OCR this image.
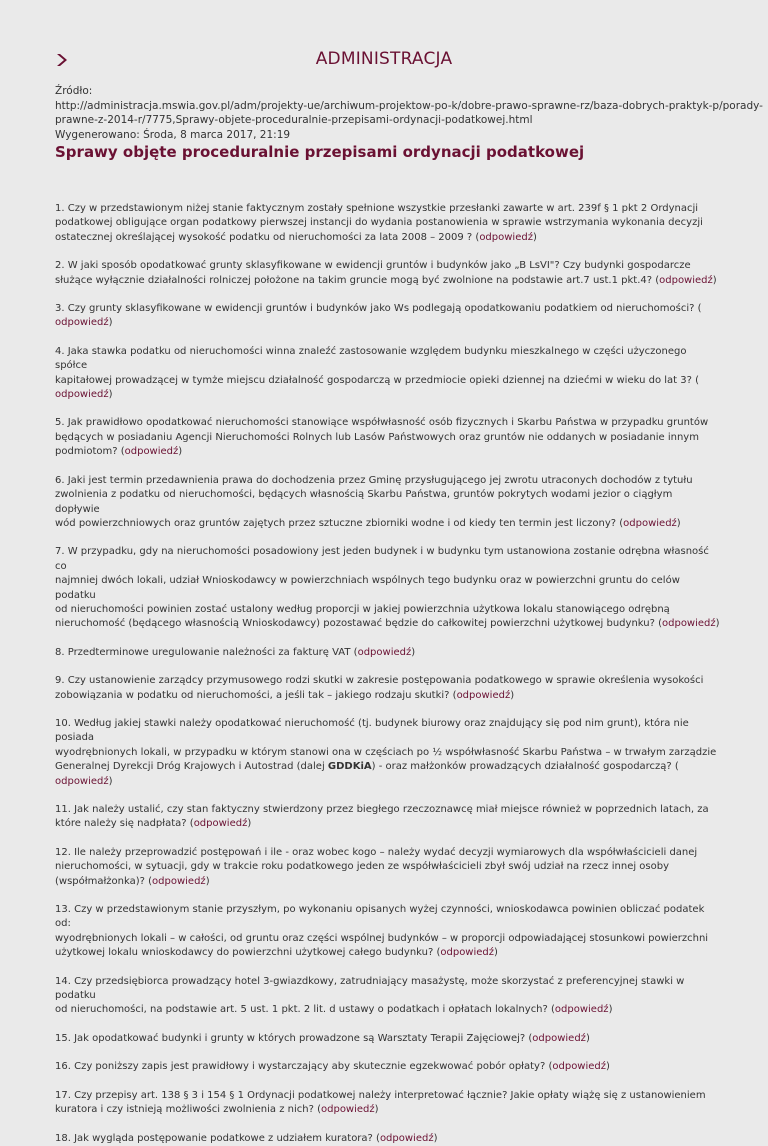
ADMINISTRACJA
Źródło:
http://administracja.mswia.gov.pl/adm/projekty-ue/archiwum-projektow-po-k/dobre-prawo-sprawne-rz/baza-dobrych-praktyk-p/porady-
prawne-z-2014-r/7775,Sprawy-objete-proceduralnie-przepisami-ordynacji-podatkowej.html
Wygenerowano: Środa, 8 marca 2017, 21:19
Sprawy objęte proceduralnie przepisami ordynacji podatkowej

1. Czy w przedstawionym niżej stanie faktycznym zostały spełnione wszystkie przesłanki zawarte w art. 239f § 1 pkt 2 Ordynacji
podatkowej obligujące organ podatkowy pierwszej instancji do wydania postanowienia w sprawie wstrzymania wykonania decyzji
ostatecznej określającej wysokość podatku od nieruchomości za lata 2008 – 2009 ? (odpowiedź)

2. W jaki sposób opodatkować grunty sklasyfikowane w ewidencji gruntów i budynków jako „B LsVI"? Czy budynki gospodarcze
służące wyłącznie działalności rolniczej położone na takim gruncie mogą być zwolnione na podstawie art.7 ust.1 pkt.4? (odpowiedź)

3. Czy grunty sklasyfikowane w ewidencji gruntów i budynków jako Ws podlegają opodatkowaniu podatkiem od nieruchomości? (
odpowiedź)

4. Jaka stawka podatku od nieruchomości winna znaleźć zastosowanie względem budynku mieszkalnego w części użyczonego spółce
kapitałowej prowadzącej w tymże miejscu działalność gospodarczą w przedmiocie opieki dziennej na dziećmi w wieku do lat 3? (
odpowiedź)

5. Jak prawidłowo opodatkować nieruchomości stanowiące współwłasność osób fizycznych i Skarbu Państwa w przypadku gruntów
będących w posiadaniu Agencji Nieruchomości Rolnych lub Lasów Państwowych oraz gruntów nie oddanych w posiadanie innym
podmiotom? (odpowiedź)

6. Jaki jest termin przedawnienia prawa do dochodzenia przez Gminę przysługującego jej zwrotu utraconych dochodów z tytułu
zwolnienia z podatku od nieruchomości, będących własnością Skarbu Państwa, gruntów pokrytych wodami jezior o ciągłym dopływie
wód powierzchniowych oraz gruntów zajętych przez sztuczne zbiorniki wodne i od kiedy ten termin jest liczony? (odpowiedź)

7. W przypadku, gdy na nieruchomości posadowiony jest jeden budynek i w budynku tym ustanowiona zostanie odrębna własność co
najmniej dwóch lokali, udział Wnioskodawcy w powierzchniach wspólnych tego budynku oraz w powierzchni gruntu do celów podatku
od nieruchomości powinien zostać ustalony według proporcji w jakiej powierzchnia użytkowa lokalu stanowiącego odrębną
nieruchomość (będącego własnością Wnioskodawcy) pozostawać będzie do całkowitej powierzchni użytkowej budynku? (odpowiedź)

8. Przedterminowe uregulowanie należności za fakturę VAT (odpowiedź)

9. Czy ustanowienie zarządcy przymusowego rodzi skutki w zakresie postępowania podatkowego w sprawie określenia wysokości
zobowiązania w podatku od nieruchomości, a jeśli tak – jakiego rodzaju skutki? (odpowiedź)

10. Według jakiej stawki należy opodatkować nieruchomość (tj. budynek biurowy oraz znajdujący się pod nim grunt), która nie posiada
wyodrębnionych lokali, w przypadku w którym stanowi ona w częściach po ½ współwłasność Skarbu Państwa – w trwałym zarządzie
Generalnej Dyrekcji Dróg Krajowych i Autostrad (dalej GDDKiA) - oraz małżonków prowadzących działalność gospodarczą? (
odpowiedź)

11. Jak należy ustalić, czy stan faktyczny stwierdzony przez biegłego rzeczoznawcę miał miejsce również w poprzednich latach, za
które należy się nadpłata? (odpowiedź)

12. Ile należy przeprowadzić postępowań i ile - oraz wobec kogo – należy wydać decyzji wymiarowych dla współwłaścicieli danej
nieruchomości, w sytuacji, gdy w trakcie roku podatkowego jeden ze współwłaścicieli zbył swój udział na rzecz innej osoby
(współmałżonka)? (odpowiedź)

13. Czy w przedstawionym stanie przyszłym, po wykonaniu opisanych wyżej czynności, wnioskodawca powinien obliczać podatek od:
wyodrębnionych lokali – w całości, od gruntu oraz części wspólnej budynków – w proporcji odpowiadającej stosunkowi powierzchni
użytkowej lokalu wnioskodawcy do powierzchni użytkowej całego budynku? (odpowiedź)

14. Czy przedsiębiorca prowadzący hotel 3-gwiazdkowy, zatrudniający masażystę, może skorzystać z preferencyjnej stawki w podatku
od nieruchomości, na podstawie art. 5 ust. 1 pkt. 2 lit. d ustawy o podatkach i opłatach lokalnych? (odpowiedź)

15. Jak opodatkować budynki i grunty w których prowadzone są Warsztaty Terapii Zajęciowej? (odpowiedź)

16. Czy poniższy zapis jest prawidłowy i wystarczający aby skutecznie egzekwować pobór opłaty? (odpowiedź)

17. Czy przepisy art. 138 § 3 i 154 § 1 Ordynacji podatkowej należy interpretować łącznie? Jakie opłaty wiążę się z ustanowieniem
kuratora i czy istnieją możliwości zwolnienia z nich? (odpowiedź)

18. Jak wygląda postępowanie podatkowe z udziałem kuratora? (odpowiedź)
